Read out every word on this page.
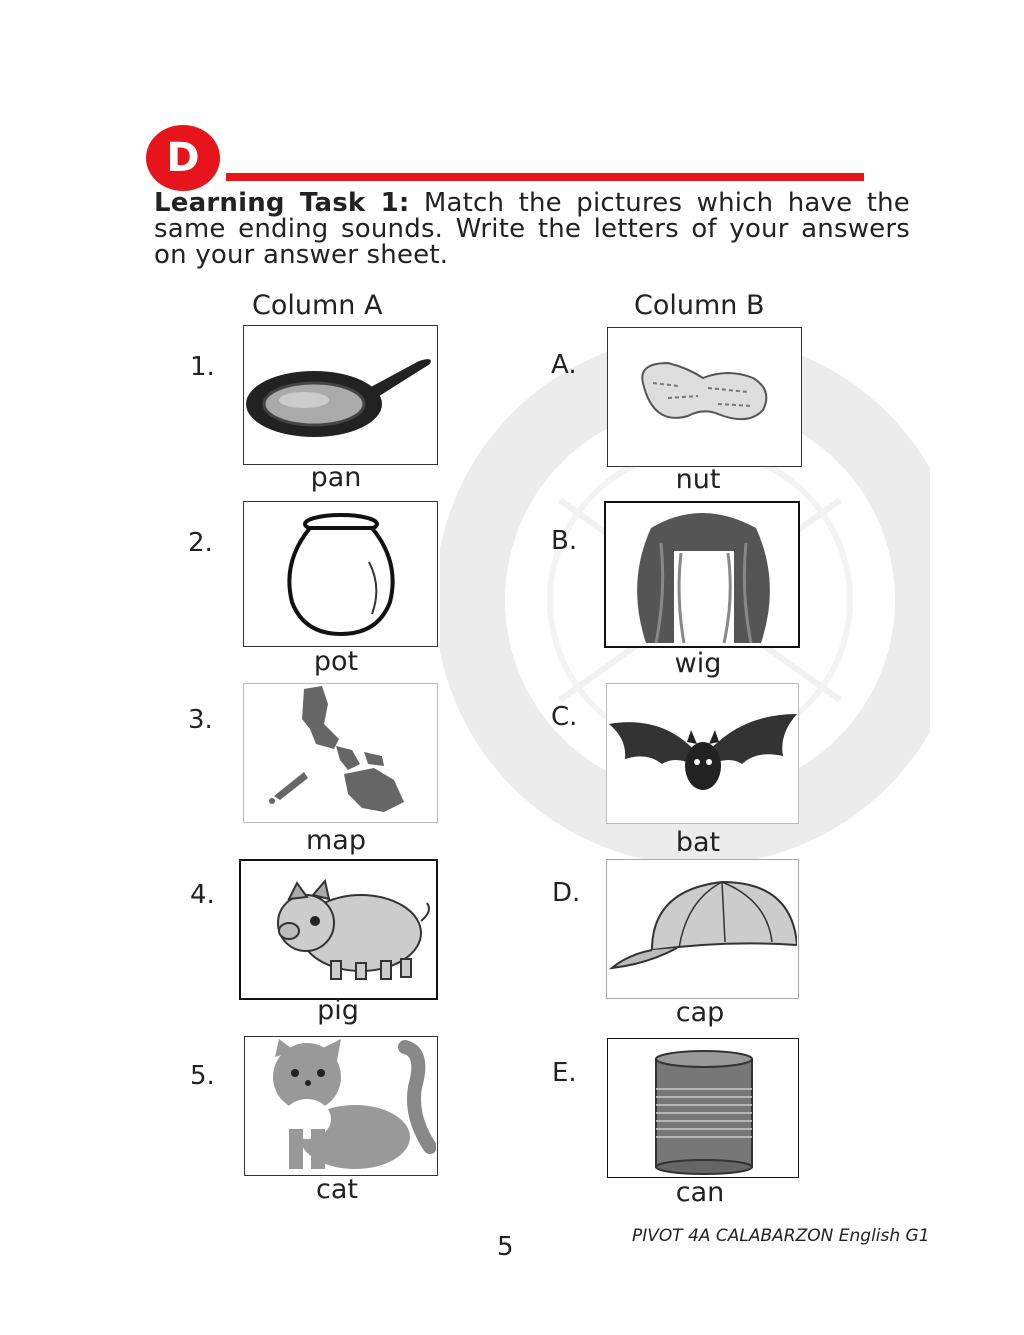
D
Learning Task 1: Match the pictures which have the same ending sounds. Write the letters of your answers on your answer sheet.
Column A	Column B
1.
2.
3.
4.
5.
A.
B.
C.
D.
E.
pan
pot
map
pig
cat
nut
wig
bat
cap
can
5	PIVOT 4A CALABARZON English G1
